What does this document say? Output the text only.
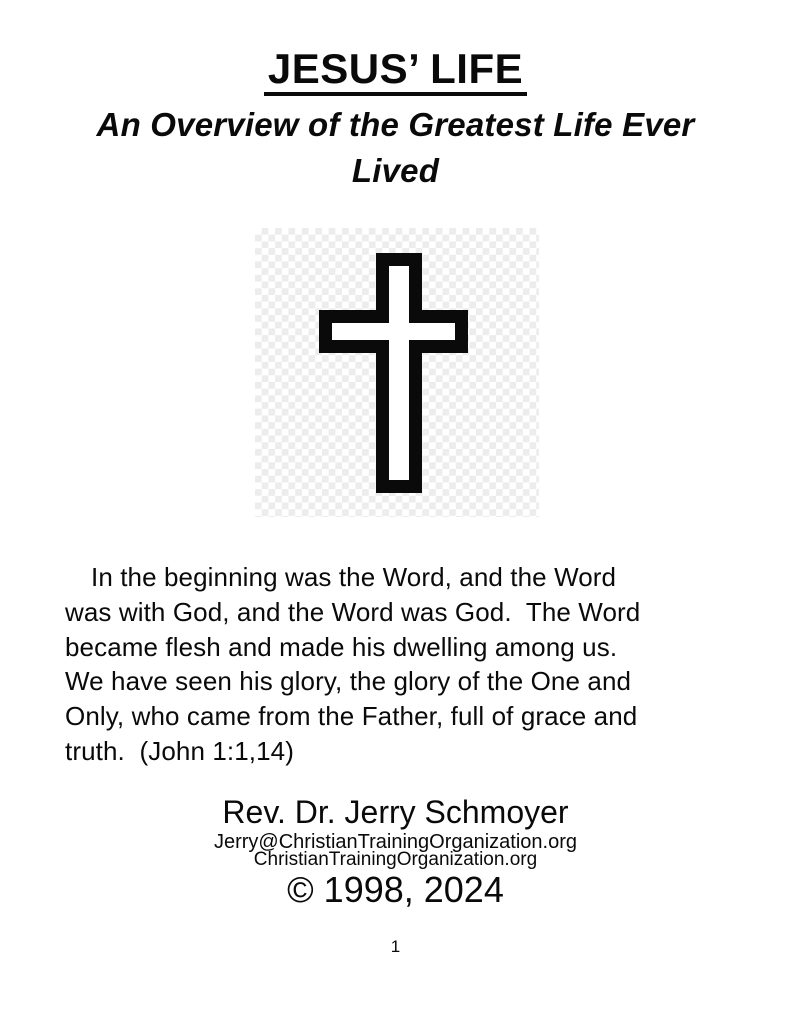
JESUS’ LIFE
An Overview of the Greatest Life Ever
Lived
In the beginning was the Word, and the Word
was with God, and the Word was God.  The Word
became flesh and made his dwelling among us.
We have seen his glory, the glory of the One and
Only, who came from the Father, full of grace and
truth.  (John 1:1,14)
Rev. Dr. Jerry Schmoyer
Jerry@ChristianTrainingOrganization.org
ChristianTrainingOrganization.org
© 1998, 2024
1
